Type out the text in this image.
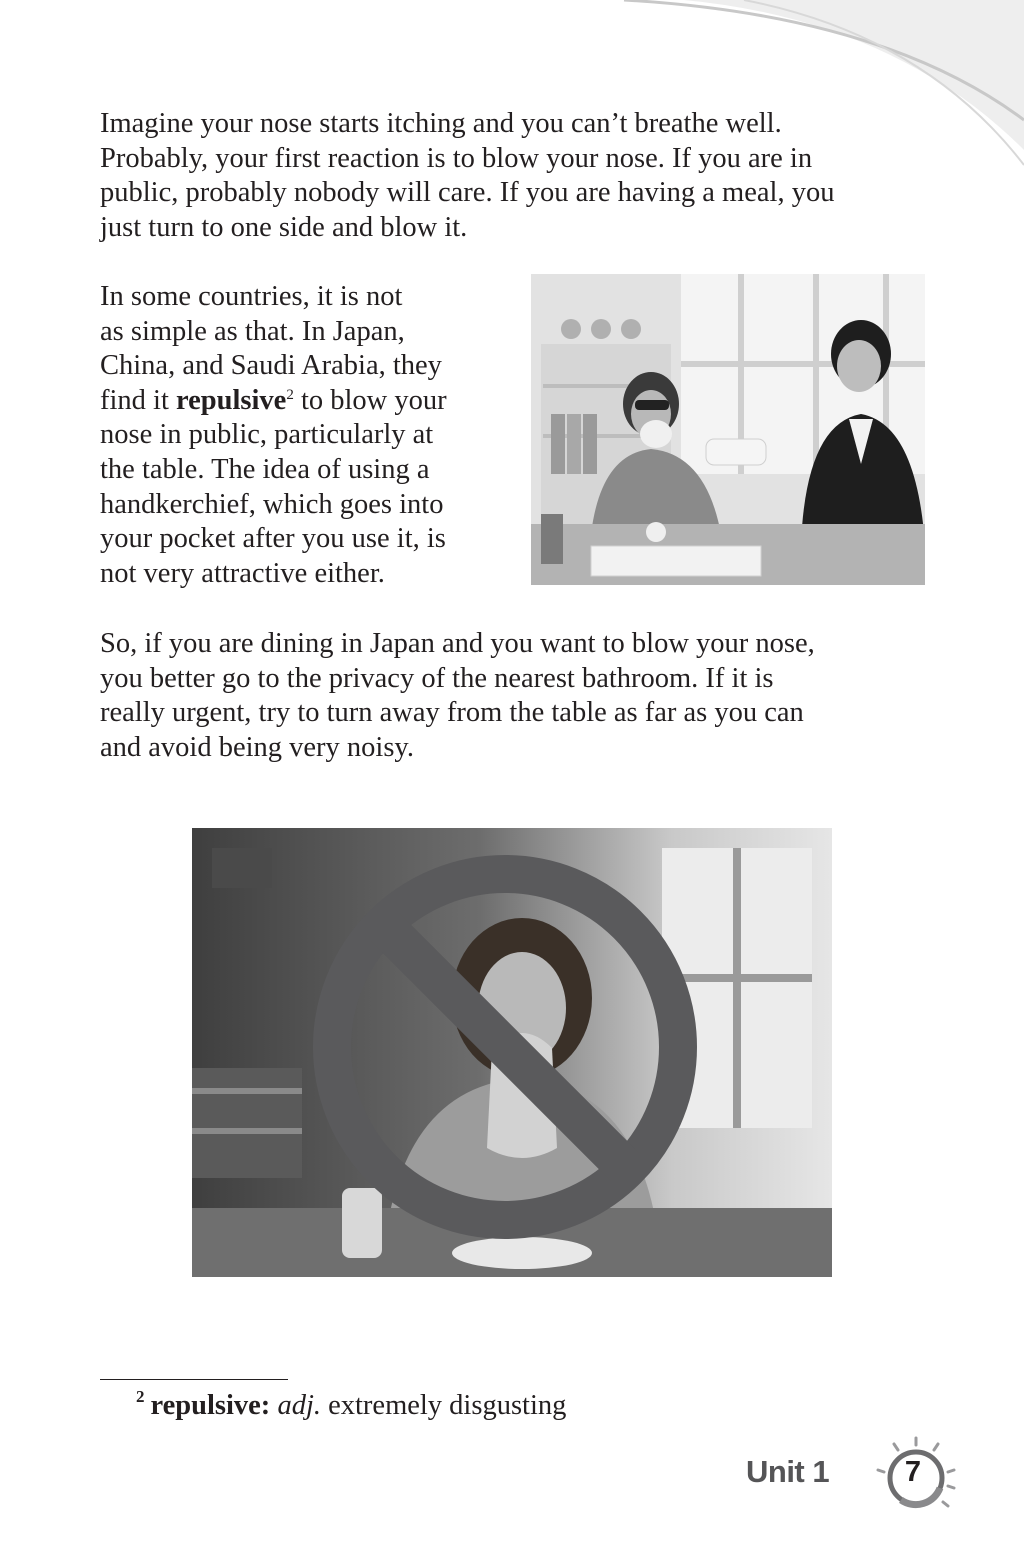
Imagine your nose starts itching and you can’t breathe well.
Probably, your first reaction is to blow your nose. If you are in
public, probably nobody will care. If you are having a meal, you
just turn to one side and blow it.

In some countries, it is not
as simple as that. In Japan,
China, and Saudi Arabia, they
find it repulsive$^2$ to blow your
nose in public, particularly at
the table. The idea of using a
handkerchief, which goes into
your pocket after you use it, is
not very attractive either.

So, if you are dining in Japan and you want to blow your nose,
you better go to the privacy of the nearest bathroom. If it is
really urgent, try to turn away from the table as far as you can
and avoid being very noisy.

$^2$ repulsive: adj. extremely disgusting

Unit 1	7
